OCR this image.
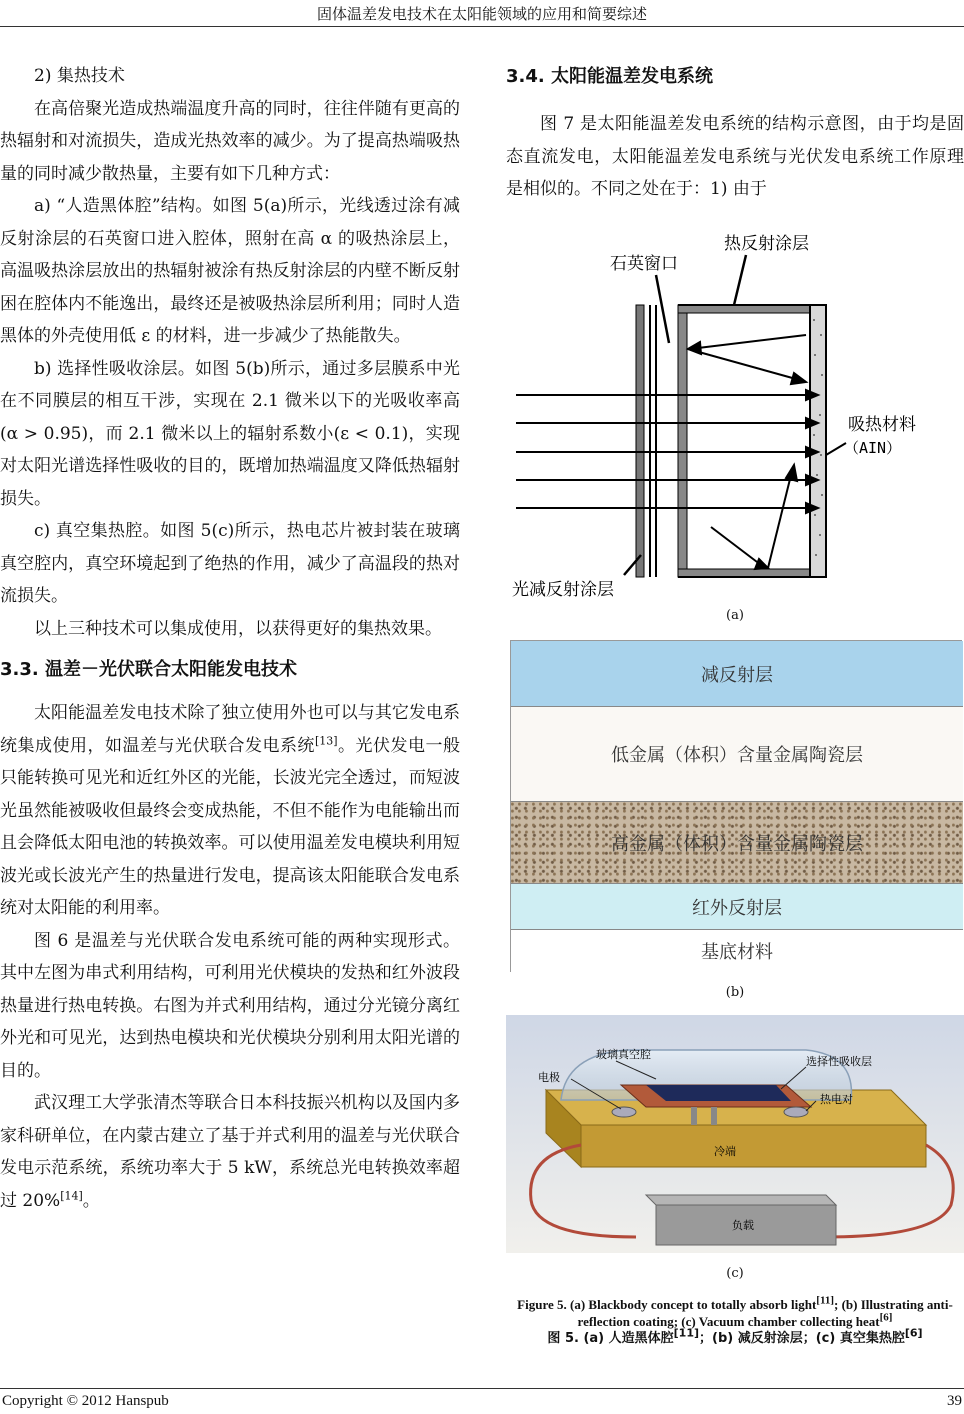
固体温差发电技术在太阳能领域的应用和简要综述
2) 集热技术
在高倍聚光造成热端温度升高的同时，往往伴随有更高的热辐射和对流损失，造成光热效率的减少。为了提高热端吸热量的同时减少散热量，主要有如下几种方式：
a) “人造黑体腔”结构。如图 5(a)所示，光线透过涂有减反射涂层的石英窗口进入腔体，照射在高 α 的吸热涂层上，高温吸热涂层放出的热辐射被涂有热反射涂层的内壁不断反射困在腔体内不能逸出，最终还是被吸热涂层所利用；同时人造黑体的外壳使用低 ε 的材料，进一步减少了热能散失。
b) 选择性吸收涂层。如图 5(b)所示，通过多层膜系中光在不同膜层的相互干涉，实现在 2.1 微米以下的光吸收率高(α > 0.95)，而 2.1 微米以上的辐射系数小(ε < 0.1)，实现对太阳光谱选择性吸收的目的，既增加热端温度又降低热辐射损失。
c) 真空集热腔。如图 5(c)所示，热电芯片被封装在玻璃真空腔内，真空环境起到了绝热的作用，减少了高温段的热对流损失。
以上三种技术可以集成使用，以获得更好的集热效果。
3.3. 温差－光伏联合太阳能发电技术
太阳能温差发电技术除了独立使用外也可以与其它发电系统集成使用，如温差与光伏联合发电系统[13]。光伏发电一般只能转换可见光和近红外区的光能，长波光完全透过，而短波光虽然能被吸收但最终会变成热能，不但不能作为电能输出而且会降低太阳电池的转换效率。可以使用温差发电模块利用短波光或长波光产生的热量进行发电，提高该太阳能联合发电系统对太阳能的利用率。
图 6 是温差与光伏联合发电系统可能的两种实现形式。其中左图为串式利用结构，可利用光伏模块的发热和红外波段热量进行热电转换。右图为并式利用结构，通过分光镜分离红外光和可见光，达到热电模块和光伏模块分别利用太阳光谱的目的。
武汉理工大学张清杰等联合日本科技振兴机构以及国内多家科研单位，在内蒙古建立了基于并式利用的温差与光伏联合发电示范系统，系统功率大于 5 kW，系统总光电转换效率超过 20%[14]。
3.4. 太阳能温差发电系统
图 7 是太阳能温差发电系统的结构示意图，由于均是固态直流发电，太阳能温差发电系统与光伏发电系统工作原理是相似的。不同之处在于：1) 由于
石英窗口
热反射涂层
吸热材料
（AIN）
光减反射涂层
(a)
减反射层
低金属（体积）含量金属陶瓷层
高金属（体积）含量金属陶瓷层
红外反射层
基底材料
(b)
玻璃真空腔
选择性吸收层
电极
热电对
冷端
负载
(c)
Figure 5. (a) Blackbody concept to totally absorb light[11]; (b) Illustrating anti-reflection coating; (c) Vacuum chamber collecting heat[6]
图 5. (a) 人造黑体腔[11]；(b) 减反射涂层；(c) 真空集热腔[6]
Copyright © 2012 Hanspub	39
